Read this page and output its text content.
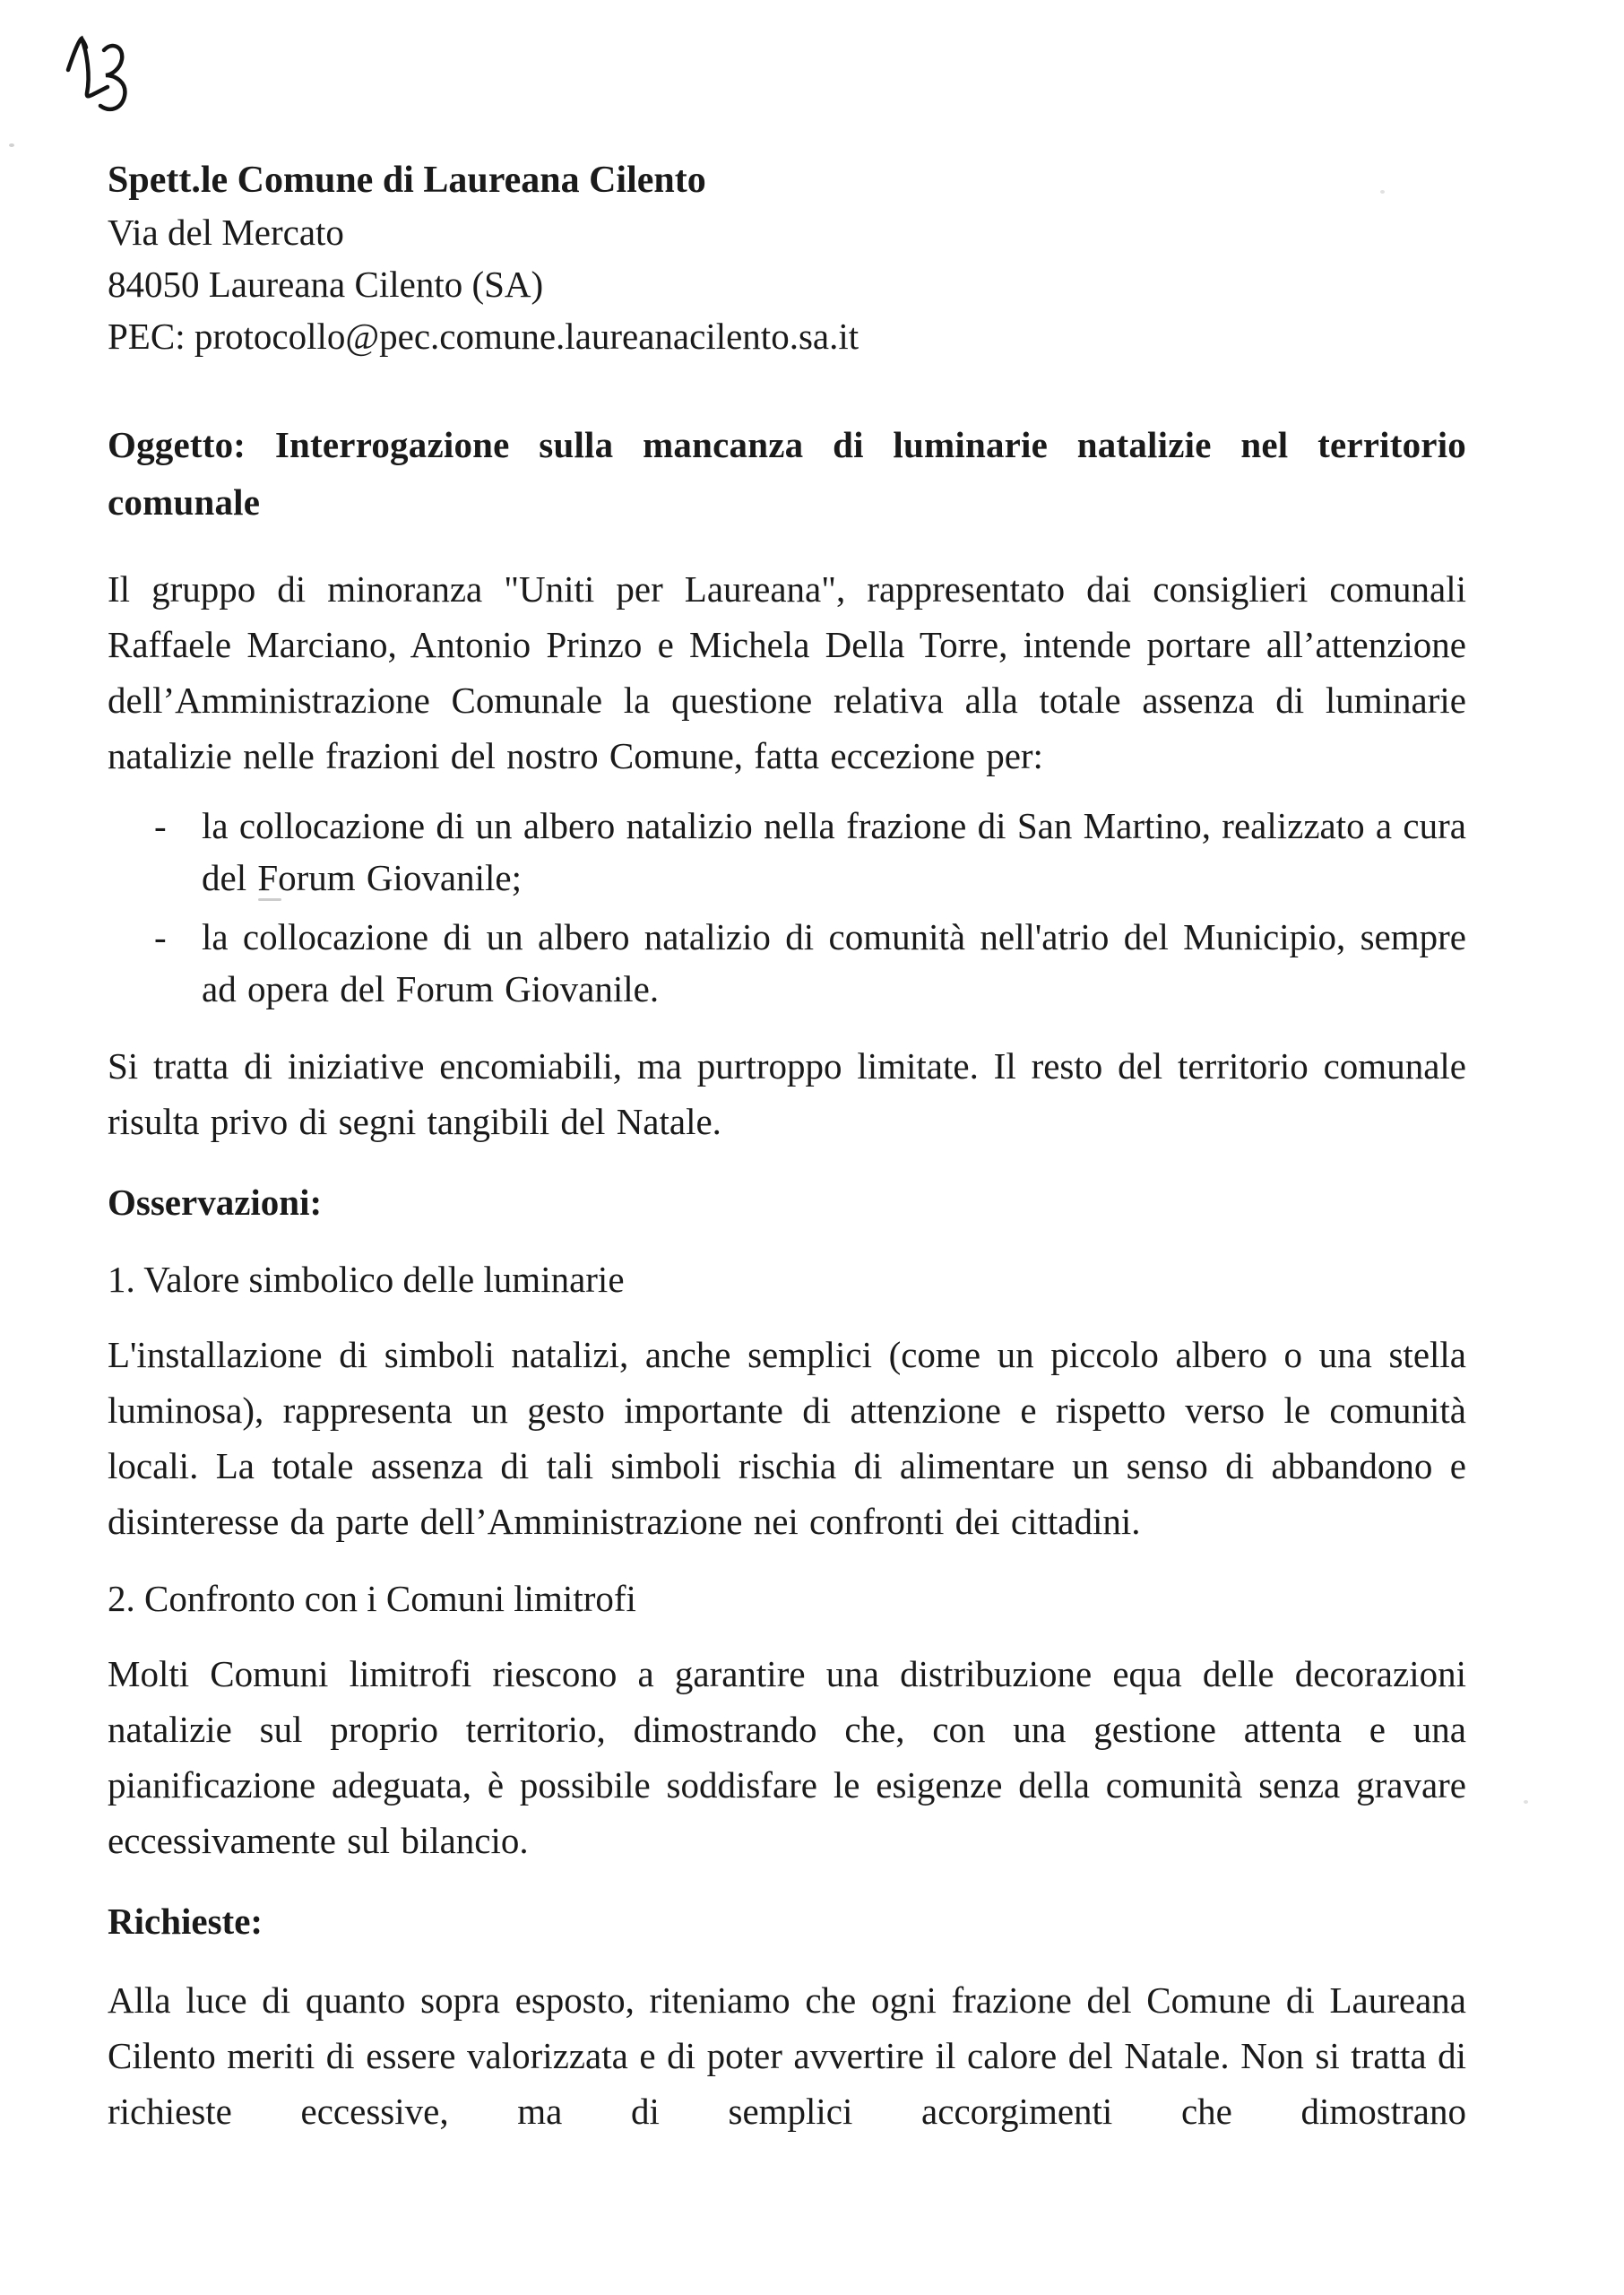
Spett.le Comune di Laureana Cilento
Via del Mercato
84050 Laureana Cilento (SA)
PEC: protocollo@pec.comune.laureanacilento.sa.it
Oggetto: Interrogazione sulla mancanza di luminarie natalizie nel territorio comunale
Il gruppo di minoranza "Uniti per Laureana", rappresentato dai consiglieri comunali Raffaele Marciano, Antonio Prinzo e Michela Della Torre, intende portare all’attenzione dell’Amministrazione Comunale la questione relativa alla totale assenza di luminarie natalizie nelle frazioni del nostro Comune, fatta eccezione per:
- la collocazione di un albero natalizio nella frazione di San Martino, realizzato a cura del Forum Giovanile;
- la collocazione di un albero natalizio di comunità nell'atrio del Municipio, sempre ad opera del Forum Giovanile.
Si tratta di iniziative encomiabili, ma purtroppo limitate. Il resto del territorio comunale risulta privo di segni tangibili del Natale.
Osservazioni:
1. Valore simbolico delle luminarie
L'installazione di simboli natalizi, anche semplici (come un piccolo albero o una stella luminosa), rappresenta un gesto importante di attenzione e rispetto verso le comunità locali. La totale assenza di tali simboli rischia di alimentare un senso di abbandono e disinteresse da parte dell’Amministrazione nei confronti dei cittadini.
2. Confronto con i Comuni limitrofi
Molti Comuni limitrofi riescono a garantire una distribuzione equa delle decorazioni natalizie sul proprio territorio, dimostrando che, con una gestione attenta e una pianificazione adeguata, è possibile soddisfare le esigenze della comunità senza gravare eccessivamente sul bilancio.
Richieste:
Alla luce di quanto sopra esposto, riteniamo che ogni frazione del Comune di Laureana Cilento meriti di essere valorizzata e di poter avvertire il calore del Natale. Non si tratta di richieste eccessive, ma di semplici accorgimenti che dimostrano
